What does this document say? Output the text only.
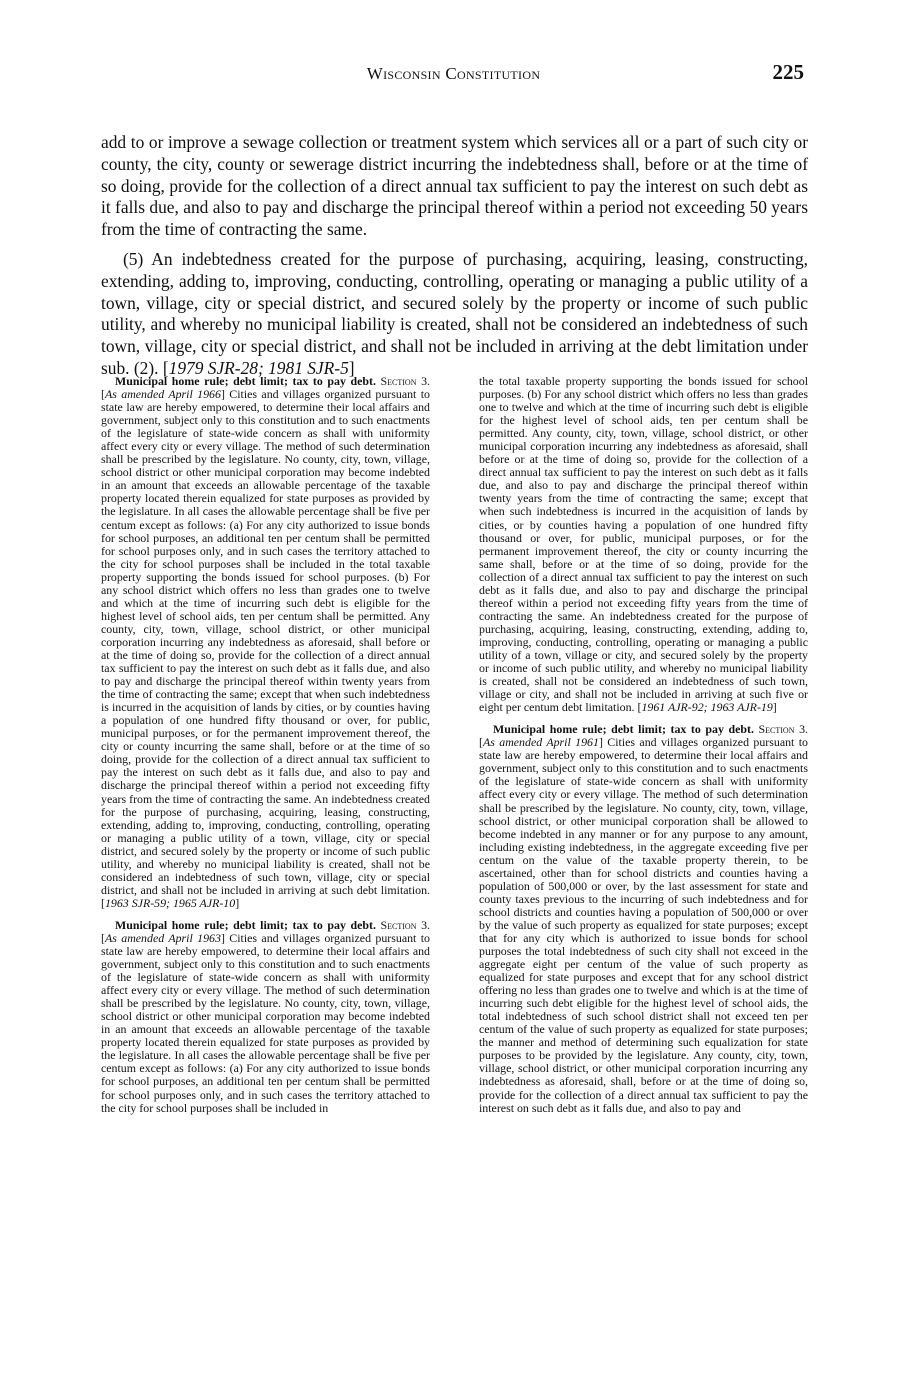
Wisconsin Constitution	225

add to or improve a sewage collection or treatment system which services all or a part of such city or county, the city, county or sewerage district incurring the indebtedness shall, before or at the time of so doing, provide for the collection of a direct annual tax sufficient to pay the interest on such debt as it falls due, and also to pay and discharge the principal thereof within a period not exceeding 50 years from the time of contracting the same.

(5) An indebtedness created for the purpose of purchasing, acquiring, leasing, constructing, extending, adding to, improving, conducting, controlling, operating or managing a public utility of a town, village, city or special district, and secured solely by the property or income of such public utility, and whereby no municipal liability is created, shall not be considered an indebtedness of such town, village, city or special district, and shall not be included in arriving at the debt limitation under sub. (2). [1979 SJR-28; 1981 SJR-5]

Municipal home rule; debt limit; tax to pay debt. Section 3. [As amended April 1966] Cities and villages organized pursuant to state law are hereby empowered, to determine their local affairs and government, subject only to this constitution and to such enactments of the legislature of state-wide concern as shall with uniformity affect every city or every village. The method of such determination shall be prescribed by the legislature. No county, city, town, village, school district or other municipal corporation may become indebted in an amount that exceeds an allowable percentage of the taxable property located therein equalized for state purposes as provided by the legislature. In all cases the allowable percentage shall be five per centum except as follows: (a) For any city authorized to issue bonds for school purposes, an additional ten per centum shall be permitted for school purposes only, and in such cases the territory attached to the city for school purposes shall be included in the total taxable property supporting the bonds issued for school purposes. (b) For any school district which offers no less than grades one to twelve and which at the time of incurring such debt is eligible for the highest level of school aids, ten per centum shall be permitted. Any county, city, town, village, school district, or other municipal corporation incurring any indebtedness as aforesaid, shall before or at the time of doing so, provide for the collection of a direct annual tax sufficient to pay the interest on such debt as it falls due, and also to pay and discharge the principal thereof within twenty years from the time of contracting the same; except that when such indebtedness is incurred in the acquisition of lands by cities, or by counties having a population of one hundred fifty thousand or over, for public, municipal purposes, or for the permanent improvement thereof, the city or county incurring the same shall, before or at the time of so doing, provide for the collection of a direct annual tax sufficient to pay the interest on such debt as it falls due, and also to pay and discharge the principal thereof within a period not exceeding fifty years from the time of contracting the same. An indebtedness created for the purpose of purchasing, acquiring, leasing, constructing, extending, adding to, improving, conducting, controlling, operating or managing a public utility of a town, village, city or special district, and secured solely by the property or income of such public utility, and whereby no municipal liability is created, shall not be considered an indebtedness of such town, village, city or special district, and shall not be included in arriving at such debt limitation. [1963 SJR-59; 1965 AJR-10]

Municipal home rule; debt limit; tax to pay debt. Section 3. [As amended April 1963] Cities and villages organized pursuant to state law are hereby empowered, to determine their local affairs and government, subject only to this constitution and to such enactments of the legislature of state-wide concern as shall with uniformity affect every city or every village. The method of such determination shall be prescribed by the legislature. No county, city, town, village, school district or other municipal corporation may become indebted in an amount that exceeds an allowable percentage of the taxable property located therein equalized for state purposes as provided by the legislature. In all cases the allowable percentage shall be five per centum except as follows: (a) For any city authorized to issue bonds for school purposes, an additional ten per centum shall be permitted for school purposes only, and in such cases the territory attached to the city for school purposes shall be included in

the total taxable property supporting the bonds issued for school purposes. (b) For any school district which offers no less than grades one to twelve and which at the time of incurring such debt is eligible for the highest level of school aids, ten per centum shall be permitted. Any county, city, town, village, school district, or other municipal corporation incurring any indebtedness as aforesaid, shall before or at the time of doing so, provide for the collection of a direct annual tax sufficient to pay the interest on such debt as it falls due, and also to pay and discharge the principal thereof within twenty years from the time of contracting the same; except that when such indebtedness is incurred in the acquisition of lands by cities, or by counties having a population of one hundred fifty thousand or over, for public, municipal purposes, or for the permanent improvement thereof, the city or county incurring the same shall, before or at the time of so doing, provide for the collection of a direct annual tax sufficient to pay the interest on such debt as it falls due, and also to pay and discharge the principal thereof within a period not exceeding fifty years from the time of contracting the same. An indebtedness created for the purpose of purchasing, acquiring, leasing, constructing, extending, adding to, improving, conducting, controlling, operating or managing a public utility of a town, village or city, and secured solely by the property or income of such public utility, and whereby no municipal liability is created, shall not be considered an indebtedness of such town, village or city, and shall not be included in arriving at such five or eight per centum debt limitation. [1961 AJR-92; 1963 AJR-19]

Municipal home rule; debt limit; tax to pay debt. Section 3. [As amended April 1961] Cities and villages organized pursuant to state law are hereby empowered, to determine their local affairs and government, subject only to this constitution and to such enactments of the legislature of state-wide concern as shall with uniformity affect every city or every village. The method of such determination shall be prescribed by the legislature. No county, city, town, village, school district, or other municipal corporation shall be allowed to become indebted in any manner or for any purpose to any amount, including existing indebtedness, in the aggregate exceeding five per centum on the value of the taxable property therein, to be ascertained, other than for school districts and counties having a population of 500,000 or over, by the last assessment for state and county taxes previous to the incurring of such indebtedness and for school districts and counties having a population of 500,000 or over by the value of such property as equalized for state purposes; except that for any city which is authorized to issue bonds for school purposes the total indebtedness of such city shall not exceed in the aggregate eight per centum of the value of such property as equalized for state purposes and except that for any school district offering no less than grades one to twelve and which is at the time of incurring such debt eligible for the highest level of school aids, the total indebtedness of such school district shall not exceed ten per centum of the value of such property as equalized for state purposes; the manner and method of determining such equalization for state purposes to be provided by the legislature. Any county, city, town, village, school district, or other municipal corporation incurring any indebtedness as aforesaid, shall, before or at the time of doing so, provide for the collection of a direct annual tax sufficient to pay the interest on such debt as it falls due, and also to pay and
